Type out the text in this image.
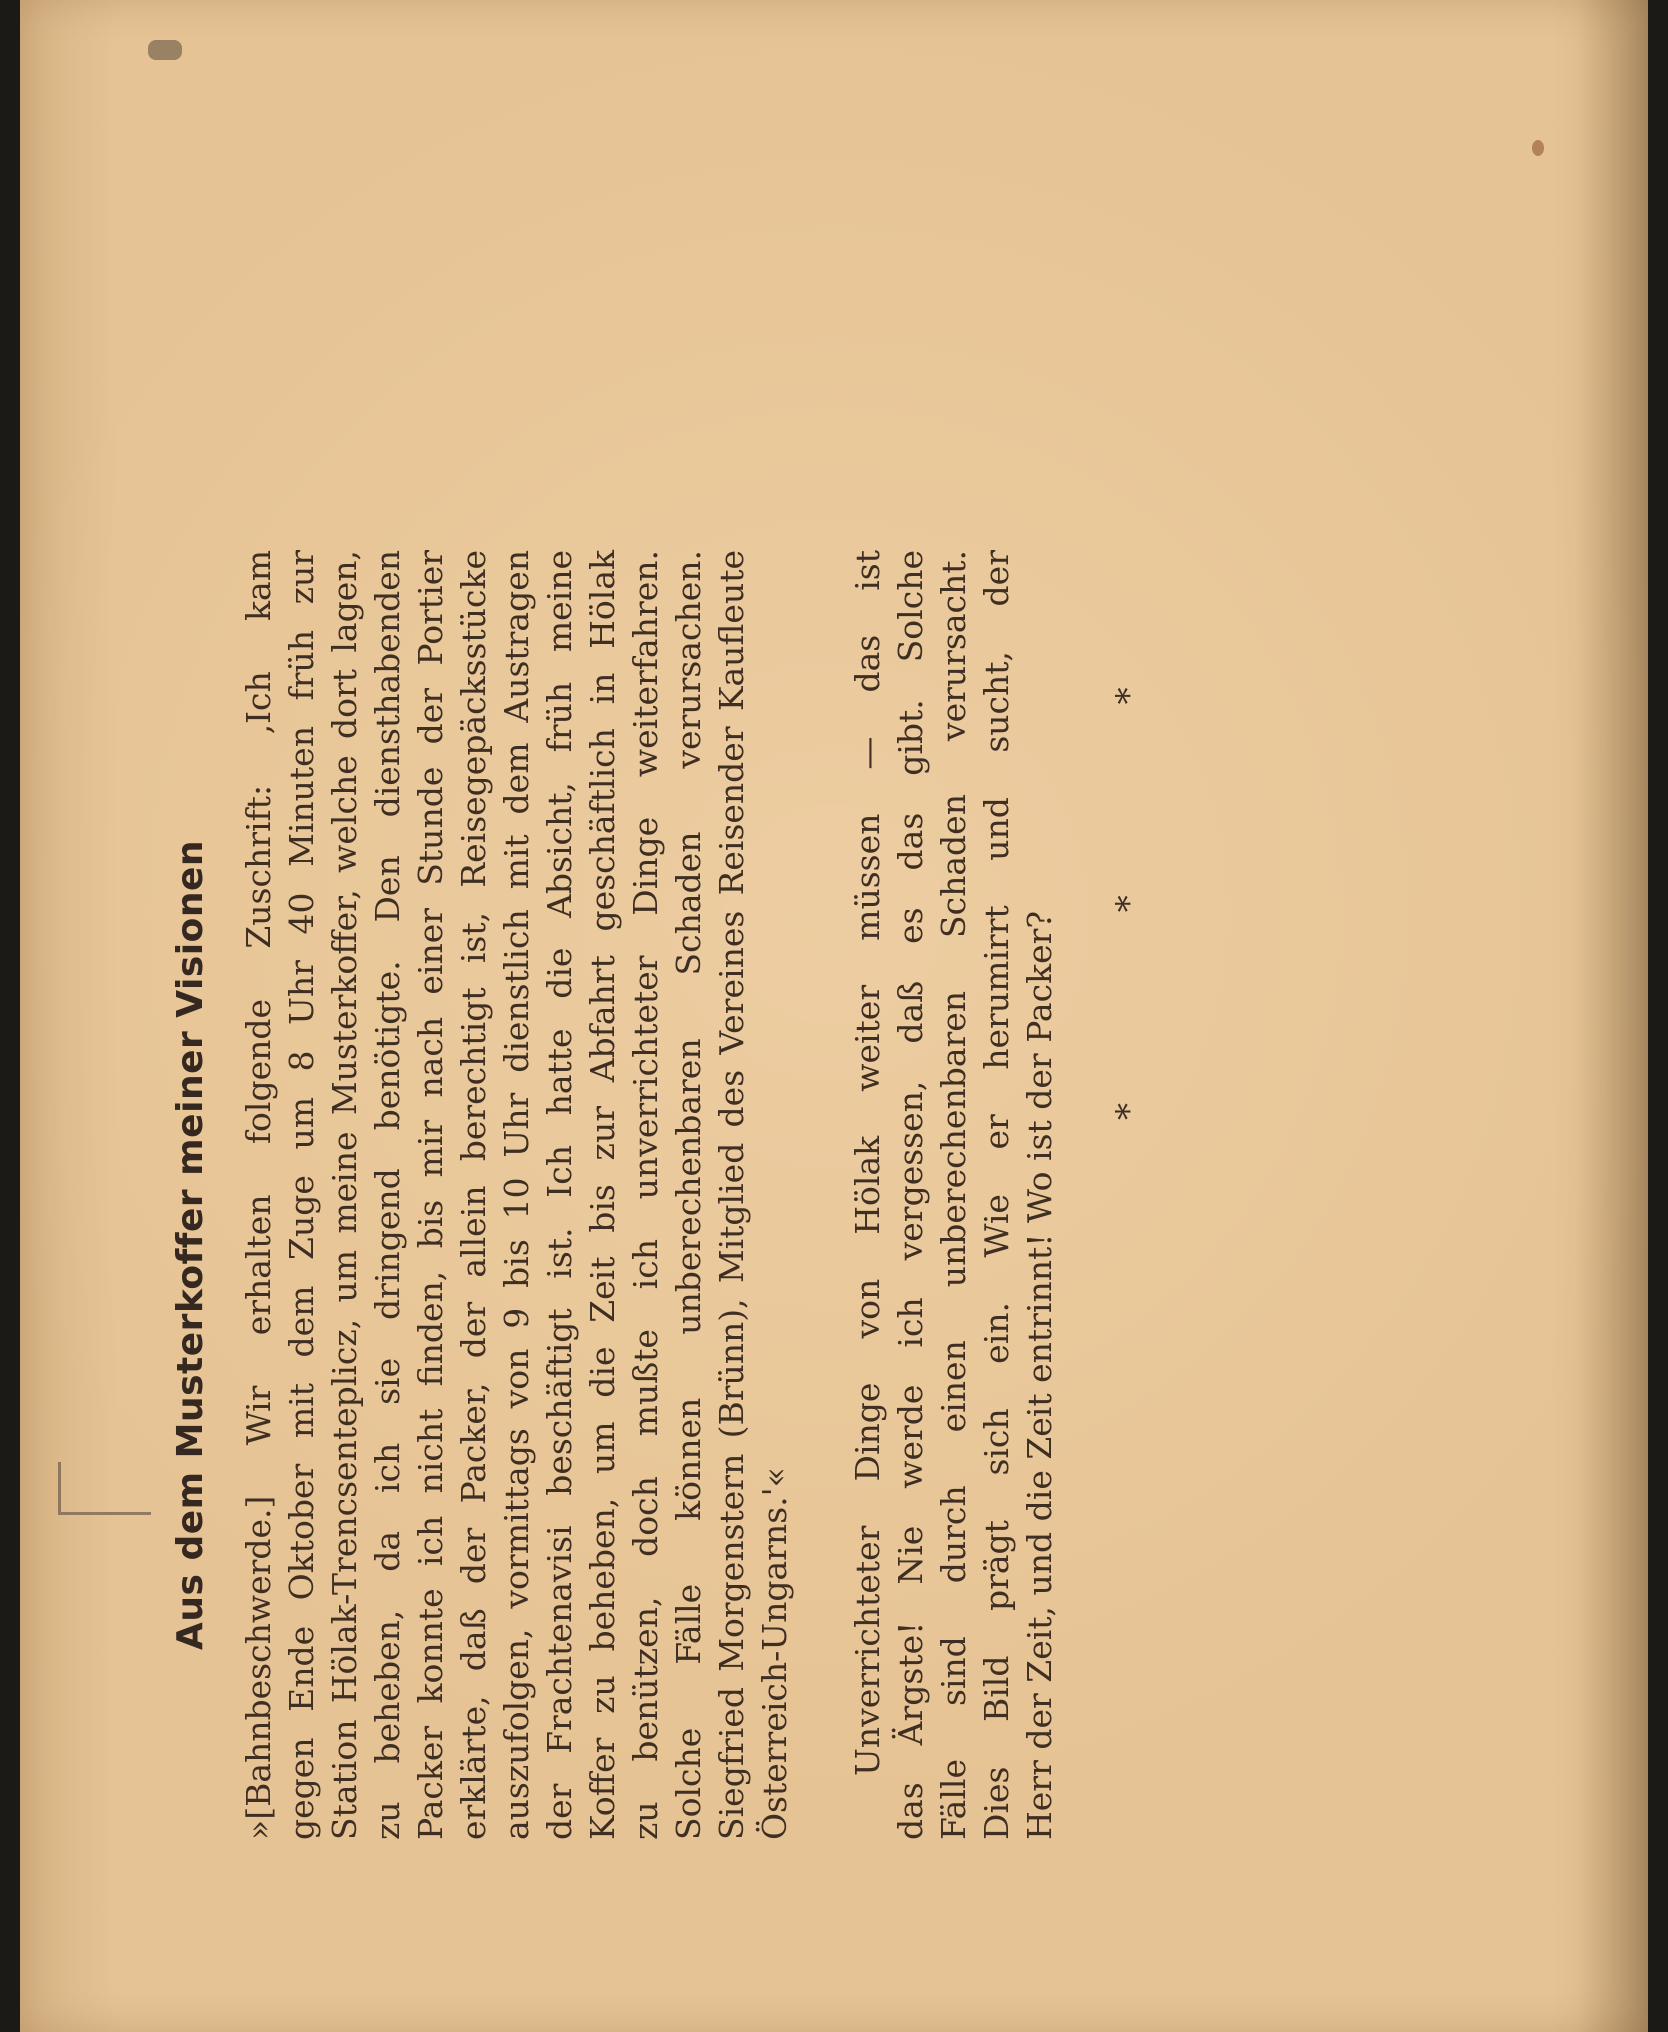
Aus dem Musterkoffer meiner Visionen »[Bahnbeschwerde.] Wir erhalten folgende Zuschrift: ‚Ich kam gegen Ende Oktober mit dem Zuge um 8 Uhr 40 Minuten früh zur Station Hölak-Trencsenteplicz, um meine Musterkoffer, welche dort lagen, zu beheben, da ich sie dringend benötigte. Den diensthabenden Packer konnte ich nicht finden, bis mir nach einer Stunde der Portier erklärte, daß der Packer, der allein berechtigt ist, Reisegepäcksstücke auszufolgen, vormittags von 9 bis 10 Uhr dienstlich mit dem Austragen der Frachtenavisi beschäftigt ist. Ich hatte die Absicht, früh meine Koffer zu beheben, um die Zeit bis zur Abfahrt geschäftlich in Hölak zu benützen, doch mußte ich unverrichteter Dinge weiterfahren. Solche Fälle können unberechenbaren Schaden verursachen. Siegfried Morgenstern (Brünn), Mitglied des Vereines Reisender Kaufleute Österreich-Ungarns.'« Unverrichteter Dinge von Hölak weiter müssen — das ist das Ärgste! Nie werde ich vergessen, daß es das gibt. Solche Fälle sind durch einen unberechenbaren Schaden verursacht. Dies Bild prägt sich ein. Wie er herumirrt und sucht, der Herr der Zeit, und die Zeit entrinnt! Wo ist der Packer?
* * *
